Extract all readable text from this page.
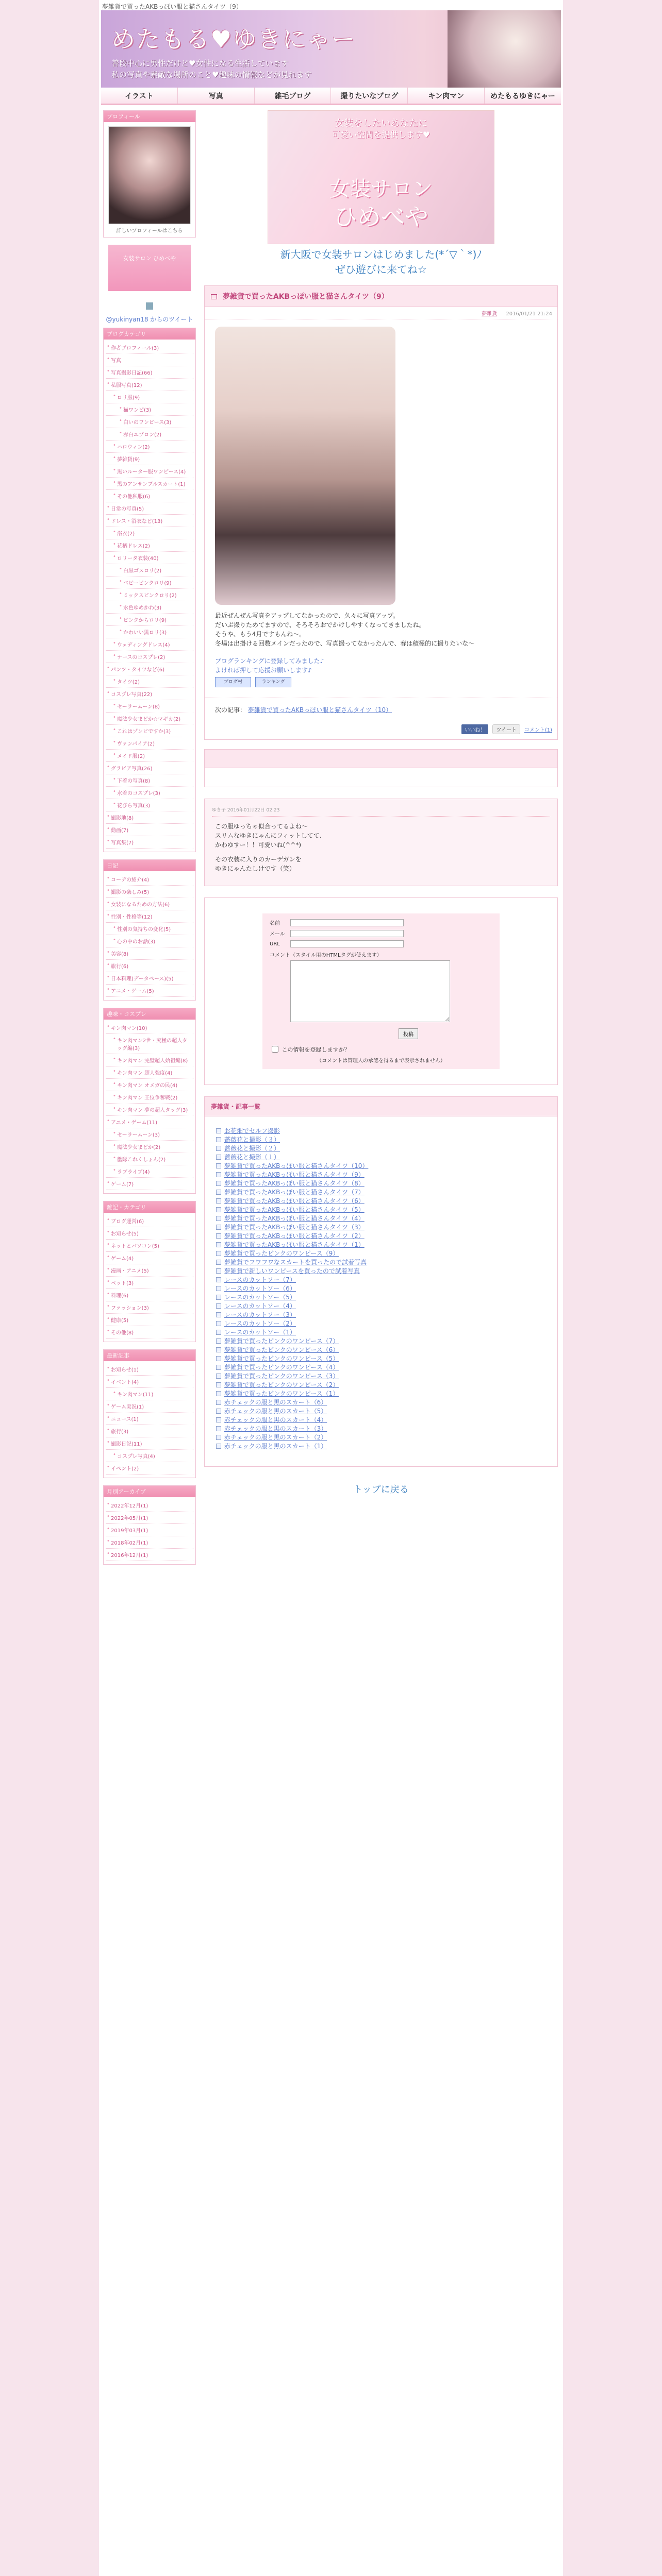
夢雑貨で買ったAKBっぽい服と猫さんタイツ（9）
めたもる♥ゆきにゃー
普段中心に男性だけど♥女性になる生活しています
私の写真や素敵な場所のこと♥趣味の情報などが見れます
イラスト	写真	雑毛ブログ	撮りたいなブログ	キン肉マン	めたもるゆきにゃー
プロフィール
詳しいプロフィールはこちら
女装サロン ひめべや
@yukinyan18 からのツイート
ブログカテゴリ
• 作者プロフィール(3)
• 写真
• 写真撮影日記(66)
• 私服写真(12)
• ロリ服(9)
• 猫ワンピ(3)
• 白いのワンピース(3)
• 赤白エプロン(2)
• ハロウィン(2)
• 夢雑貨(9)
• 黒いルーター服ワンピース(4)
• 黒のアンサンブルスカート(1)
• その他私服(6)
• 日常の写真(5)
• ドレス・浴衣など(13)
• 浴衣(2)
• 花柄ドレス(2)
• ロリータ衣装(40)
• 白黒ゴスロリ(2)
• ベビーピンクロリ(9)
• ミックスピンクロリ(2)
• 水色ゆめかわ(3)
• ピンクからロリ(9)
• かわいい黒ロリ(3)
• ウェディングドレス(4)
• ナースのコスプレ(2)
• パンツ・タイツなど(6)
• タイツ(2)
• コスプレ写真(22)
• セーラームーン(8)
• 魔法少女まどか☆マギカ(2)
• これはゾンビですか(3)
• ヴァンパイア(2)
• メイド服(2)
• グラビア写真(26)
• 下着の写真(8)
• 水着のコスプレ(3)
• 花びら写真(3)
• 撮影地(8)
• 動画(7)
• 写真集(7)
日記
• コーデの紹介(4)
• 撮影の楽しみ(5)
• 女装になるための方法(6)
• 性別・性格等(12)
• 性別の気持ちの変化(5)
• 心の中のお話(3)
• 美容(8)
• 旅行(6)
• 日本料理(データベース)(5)
• アニメ・ゲーム(5)
趣味・コスプレ
• キン肉マン(10)
• キン肉マン2世・究極の超人タッグ編(3)
• キン肉マン 完璧超人始祖編(8)
• キン肉マン 超人強度(4)
• キン肉マン オメガの民(4)
• キン肉マン 王位争奪戦(2)
• キン肉マン 夢の超人タッグ(3)
• アニメ・ゲーム(11)
• セーラームーン(3)
• 魔法少女まどか(2)
• 艦隊これくしょん(2)
• ラブライブ(4)
• ゲーム(7)
雑記・カテゴリ
• ブログ運営(6)
• お知らせ(5)
• ネットとパソコン(5)
• ゲーム(4)
• 漫画・アニメ(5)
• ペット(3)
• 料理(6)
• ファッション(3)
• 健康(5)
• その他(8)
最新記事
• お知らせ(1)
• イベント(4)
• キン肉マン(11)
• ゲーム実況(1)
• ニュース(1)
• 旅行(3)
• 撮影日記(11)
• コスプレ写真(4)
• イベント(2)
月別アーカイブ
• 2022年12月(1)
• 2022年05月(1)
• 2019年03月(1)
• 2018年02月(1)
• 2016年12月(1)
女装をしたいあなたに
可愛い空間を提供します♥
女装サロン
ひめべや
新大阪で女装サロンはじめました(*´▽｀*)ﾉ
ぜひ遊びに来てね☆
夢雑貨で買ったAKBっぽい服と猫さんタイツ（9）
夢雑貨 2016/01/21 21:24
最近ぜんぜん写真をアップしてなかったので、久々に写真アップ。
だいぶ撮りためてますので、そろそろおでかけしやすくなってきましたね。
そうや、もう4月ですもんね〜。
冬場は出掛ける回数メインだったので、写真撮ってなかったんで、春は積極的に撮りたいな〜
ブログランキングに登録してみました♪
よければ押して応援お願いします♪
ブログ村	ランキング
次の記事： 夢雑貨で買ったAKBっぽい服と猫さんタイツ（10）
いいね！	ツイート	コメント(1)
ゆき子 2016年01月22日 02:23
この服ゆっちゃ似合ってるよね〜
スリムなゆきにゃんにフィットしてて、
かわゆすー！！可愛いね(^^*)
その衣装に入りのカーデガンを
ゆきにゃんたしけです（笑）
名前
メール
URL
コメント（スタイル用のHTMLタグが使えます）
投稿
この情報を登録しますか？
（コメントは管理人の承認を得るまで表示されません）
夢雑貨・記事一覧
お花畑でセルフ撮影
薔薇花と撮影（３）
薔薇花と撮影（２）
薔薇花と撮影（１）
夢雑貨で買ったAKBっぽい服と猫さんタイツ（10）
夢雑貨で買ったAKBっぽい服と猫さんタイツ（9）
夢雑貨で買ったAKBっぽい服と猫さんタイツ（8）
夢雑貨で買ったAKBっぽい服と猫さんタイツ（7）
夢雑貨で買ったAKBっぽい服と猫さんタイツ（6）
夢雑貨で買ったAKBっぽい服と猫さんタイツ（5）
夢雑貨で買ったAKBっぽい服と猫さんタイツ（4）
夢雑貨で買ったAKBっぽい服と猫さんタイツ（3）
夢雑貨で買ったAKBっぽい服と猫さんタイツ（2）
夢雑貨で買ったAKBっぽい服と猫さんタイツ（1）
夢雑貨で買ったピンクのワンピース（9）
夢雑貨でフワフワなスカートを買ったので試着写真
夢雑貨で新しいワンピースを買ったので試着写真
レースのカットソー（7）
レースのカットソー（6）
レースのカットソー（5）
レースのカットソー（4）
レースのカットソー（3）
レースのカットソー（2）
レースのカットソー（1）
夢雑貨で買ったピンクのワンピース（7）
夢雑貨で買ったピンクのワンピース（6）
夢雑貨で買ったピンクのワンピース（5）
夢雑貨で買ったピンクのワンピース（4）
夢雑貨で買ったピンクのワンピース（3）
夢雑貨で買ったピンクのワンピース（2）
夢雑貨で買ったピンクのワンピース（1）
赤チェックの服と黒のスカート（6）
赤チェックの服と黒のスカート（5）
赤チェックの服と黒のスカート（4）
赤チェックの服と黒のスカート（3）
赤チェックの服と黒のスカート（2）
赤チェックの服と黒のスカート（1）
トップに戻る
